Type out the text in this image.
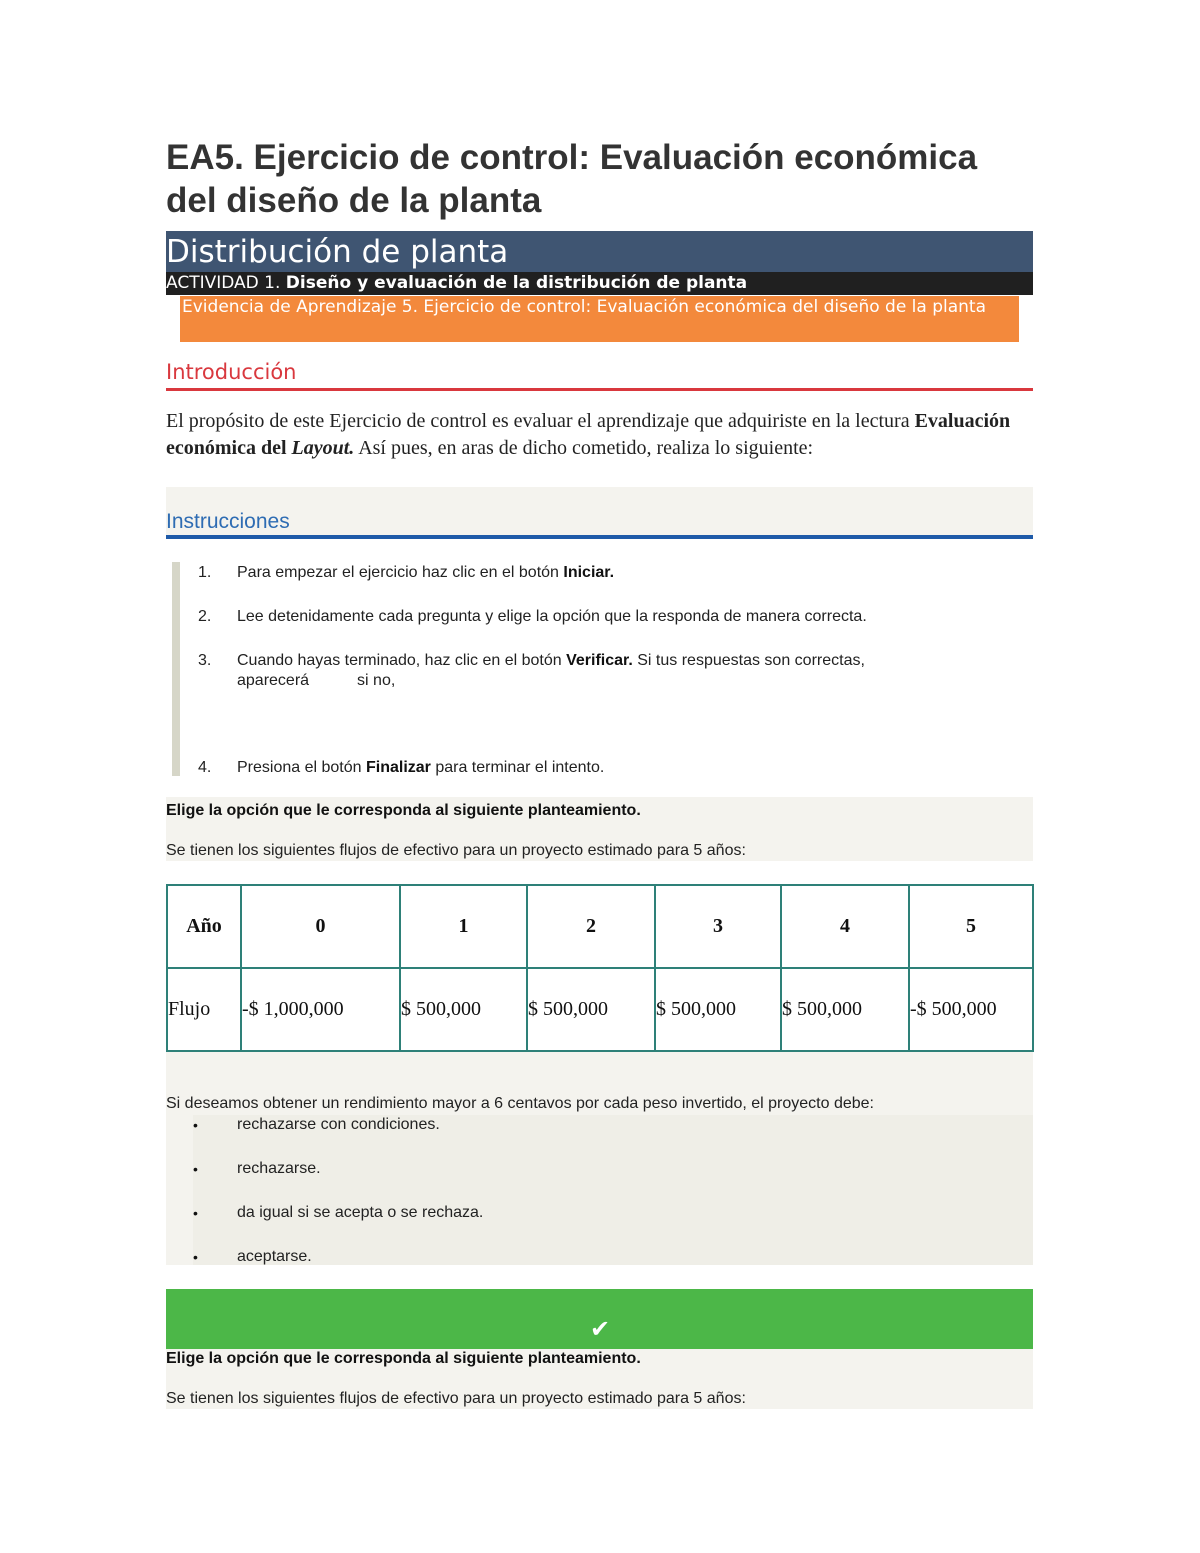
EA5. Ejercicio de control: Evaluación económica del diseño de la planta
Distribución de planta
ACTIVIDAD 1. Diseño y evaluación de la distribución de planta
Evidencia de Aprendizaje 5. Ejercicio de control: Evaluación económica del diseño de la planta
Introducción
El propósito de este Ejercicio de control es evaluar el aprendizaje que adquiriste en la lectura Evaluación económica del Layout. Así pues, en aras de dicho cometido, realiza lo siguiente:
Instrucciones
1.	Para empezar el ejercicio haz clic en el botón Iniciar.
2.	Lee detenidamente cada pregunta y elige la opción que la responda de manera correcta.
3.	Cuando hayas terminado, haz clic en el botón Verificar. Si tus respuestas son correctas,
aparecerá	si no,
4.	Presiona el botón Finalizar para terminar el intento.
Elige la opción que le corresponda al siguiente planteamiento.
Se tienen los siguientes flujos de efectivo para un proyecto estimado para 5 años:
Año	0	1	2	3	4	5
Flujo	-$ 1,000,000	$ 500,000	$ 500,000	$ 500,000	$ 500,000	-$ 500,000
Si deseamos obtener un rendimiento mayor a 6 centavos por cada peso invertido, el proyecto debe:
• rechazarse con condiciones.
• rechazarse.
• da igual si se acepta o se rechaza.
• aceptarse.
✔
Elige la opción que le corresponda al siguiente planteamiento.
Se tienen los siguientes flujos de efectivo para un proyecto estimado para 5 años:
